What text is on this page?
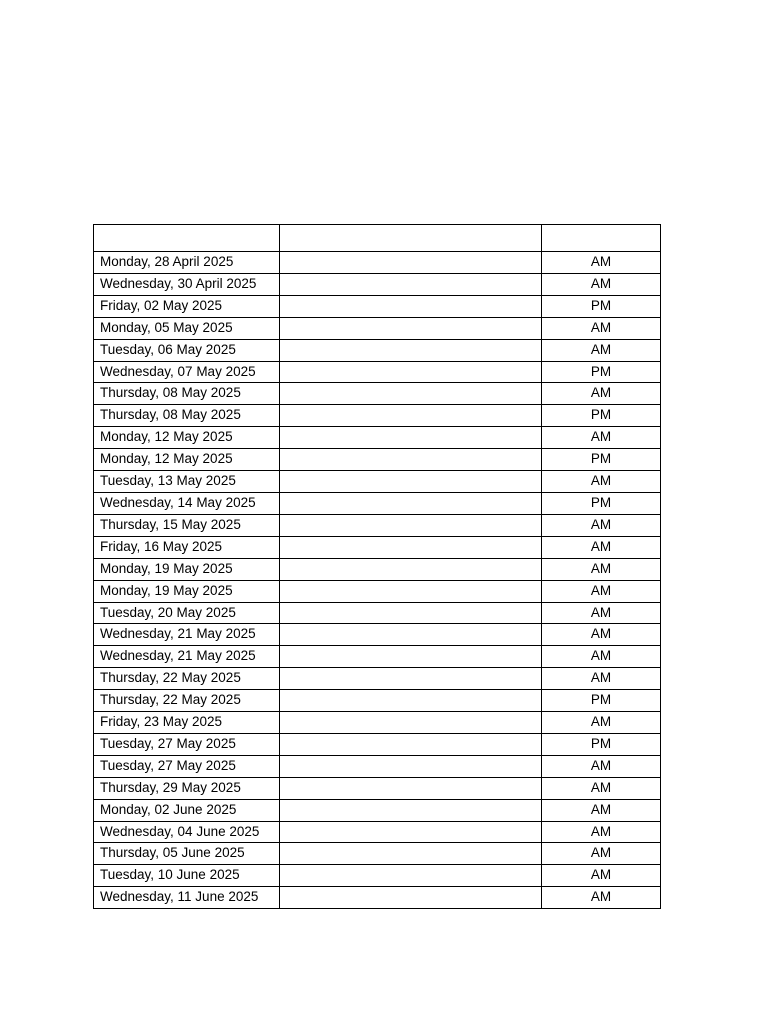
Monday, 28 April 2025		AM
Wednesday, 30 April 2025		AM
Friday, 02 May 2025		PM
Monday, 05 May 2025		AM
Tuesday, 06 May 2025		AM
Wednesday, 07 May 2025		PM
Thursday, 08 May 2025		AM
Thursday, 08 May 2025		PM
Monday, 12 May 2025		AM
Monday, 12 May 2025		PM
Tuesday, 13 May 2025		AM
Wednesday, 14 May 2025		PM
Thursday, 15 May 2025		AM
Friday, 16 May 2025		AM
Monday, 19 May 2025		AM
Monday, 19 May 2025		AM
Tuesday, 20 May 2025		AM
Wednesday, 21 May 2025		AM
Wednesday, 21 May 2025		AM
Thursday, 22 May 2025		AM
Thursday, 22 May 2025		PM
Friday, 23 May 2025		AM
Tuesday, 27 May 2025		PM
Tuesday, 27 May 2025		AM
Thursday, 29 May 2025		AM
Monday, 02 June 2025		AM
Wednesday, 04 June 2025		AM
Thursday, 05 June 2025		AM
Tuesday, 10 June 2025		AM
Wednesday, 11 June 2025		AM
